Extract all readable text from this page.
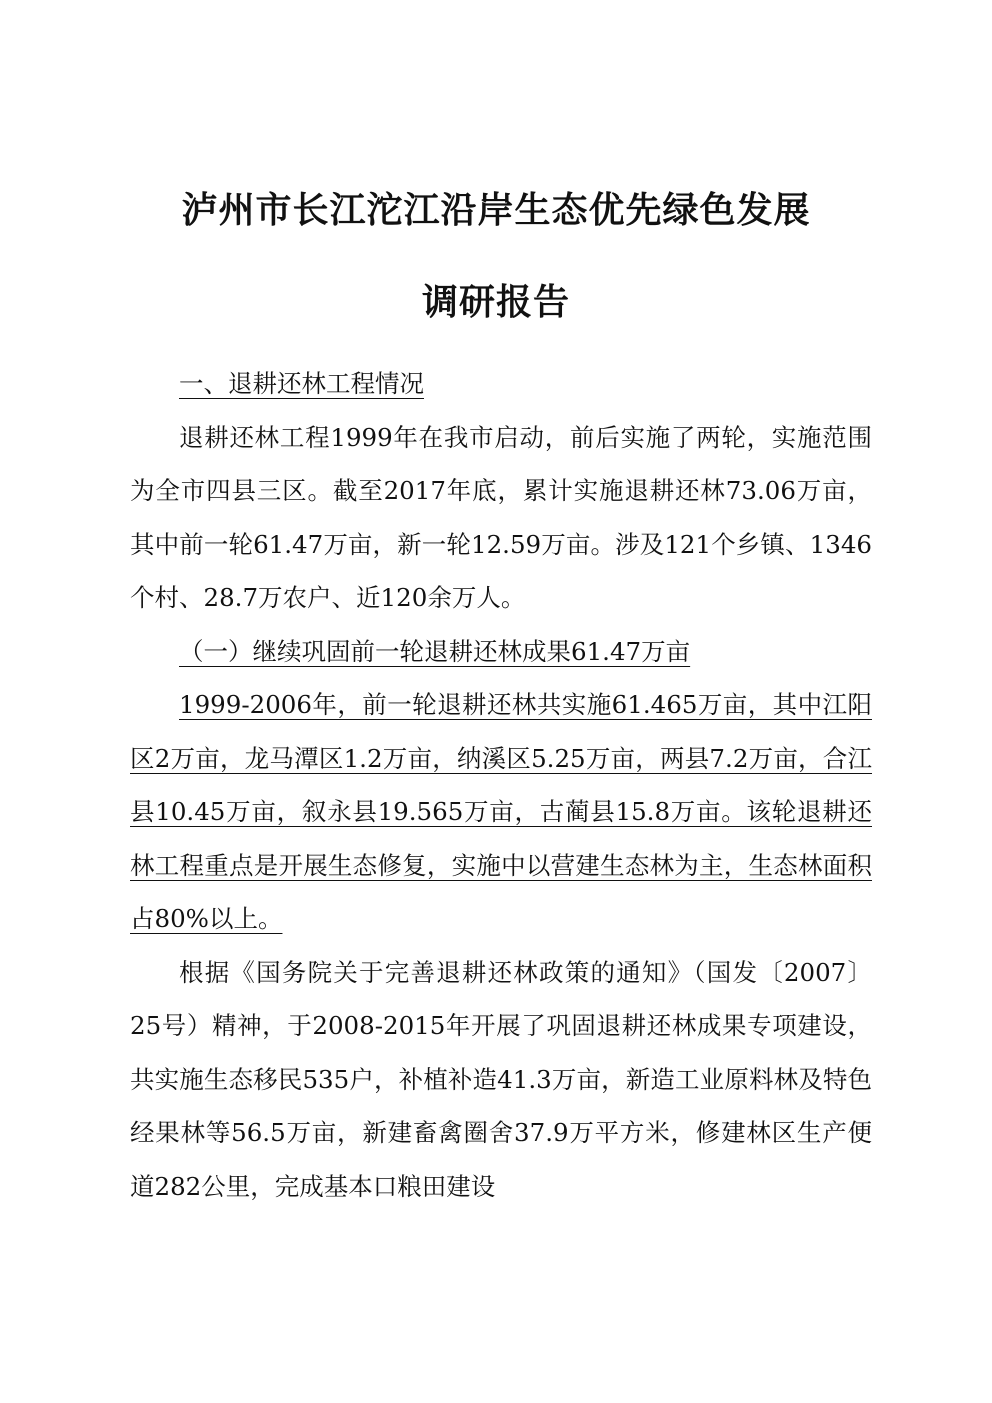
泸州市长江沱江沿岸生态优先绿色发展
调研报告

一、退耕还林工程情况

退耕还林工程1999年在我市启动，前后实施了两轮，实施范围为全市四县三区。截至2017年底，累计实施退耕还林73.06万亩，其中前一轮61.47万亩，新一轮12.59万亩。涉及121个乡镇、1346个村、28.7万农户、近120余万人。

（一）继续巩固前一轮退耕还林成果61.47万亩

1999-2006年，前一轮退耕还林共实施61.465万亩，其中江阳区2万亩，龙马潭区1.2万亩，纳溪区5.25万亩，两县7.2万亩，合江县10.45万亩，叙永县19.565万亩，古蔺县15.8万亩。该轮退耕还林工程重点是开展生态修复，实施中以营建生态林为主，生态林面积占80%以上。

根据《国务院关于完善退耕还林政策的通知》（国发〔2007〕25号）精神，于2008-2015年开展了巩固退耕还林成果专项建设，共实施生态移民535户，补植补造41.3万亩，新造工业原料林及特色经果林等56.5万亩，新建畜禽圈舍37.9万平方米，修建林区生产便道282公里，完成基本口粮田建设
